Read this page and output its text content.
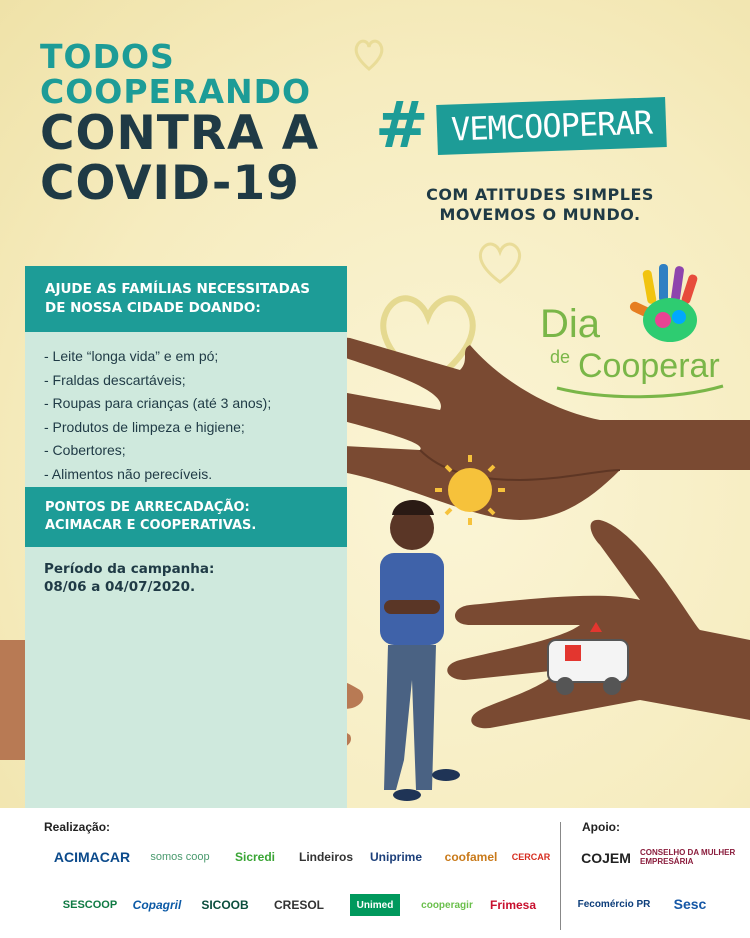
TODOS
COOPERANDO
CONTRA A
COVID-19
# VEMCOOPERAR
COM ATITUDES SIMPLES
MOVEMOS O MUNDO.
Dia
de Cooperar
AJUDE AS FAMÍLIAS NECESSITADAS
DE NOSSA CIDADE DOANDO:
- Leite “longa vida” e em pó;
- Fraldas descartáveis;
- Roupas para crianças (até 3 anos);
- Produtos de limpeza e higiene;
- Cobertores;
- Alimentos não perecíveis.
PONTOS DE ARRECADAÇÃO:
ACIMACAR E COOPERATIVAS.
Período da campanha:
08/06 a 04/07/2020.
Realização:	Apoio:
ACIMACAR	somos coop	Sicredi	Lindeiros	Uniprime	coofamel	CERCAR
SESCOOP	Copagril	SICOOB	CRESOL	Unimed	cooperagir	Frimesa
COJEM	CONSELHO DA MULHER EMPRESÁRIA
Fecomércio PR	Sesc
